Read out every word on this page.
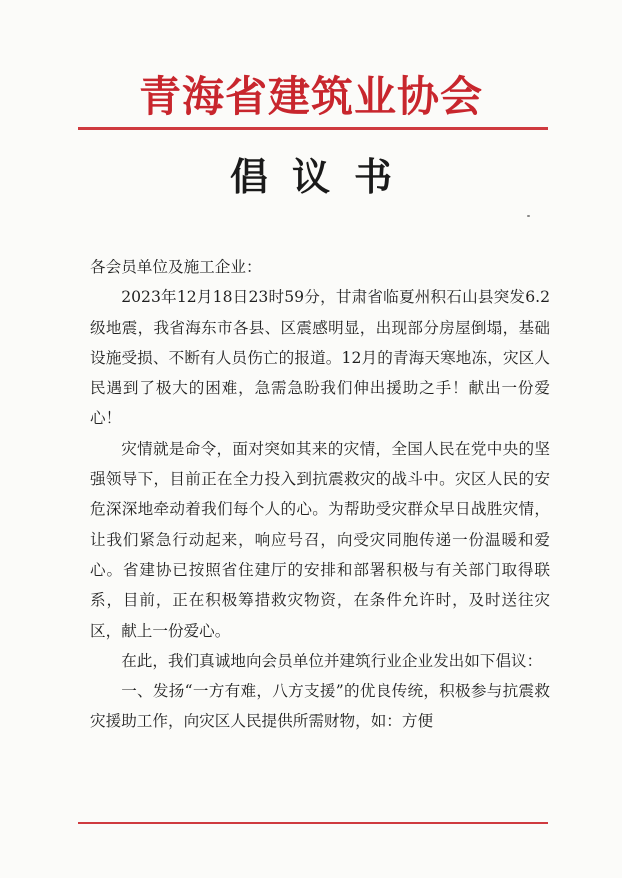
青海省建筑业协会
倡议书

各会员单位及施工企业：

2023年12月18日23时59分，甘肃省临夏州积石山县突发6.2级地震，我省海东市各县、区震感明显，出现部分房屋倒塌，基础设施受损、不断有人员伤亡的报道。12月的青海天寒地冻，灾区人民遇到了极大的困难，急需急盼我们伸出援助之手！献出一份爱心！

灾情就是命令，面对突如其来的灾情，全国人民在党中央的坚强领导下，目前正在全力投入到抗震救灾的战斗中。灾区人民的安危深深地牵动着我们每个人的心。为帮助受灾群众早日战胜灾情，让我们紧急行动起来，响应号召，向受灾同胞传递一份温暖和爱心。省建协已按照省住建厅的安排和部署积极与有关部门取得联系，目前，正在积极筹措救灾物资，在条件允许时，及时送往灾区，献上一份爱心。

在此，我们真诚地向会员单位并建筑行业企业发出如下倡议：

一、发扬“一方有难，八方支援”的优良传统，积极参与抗震救灾援助工作，向灾区人民提供所需财物，如：方便
